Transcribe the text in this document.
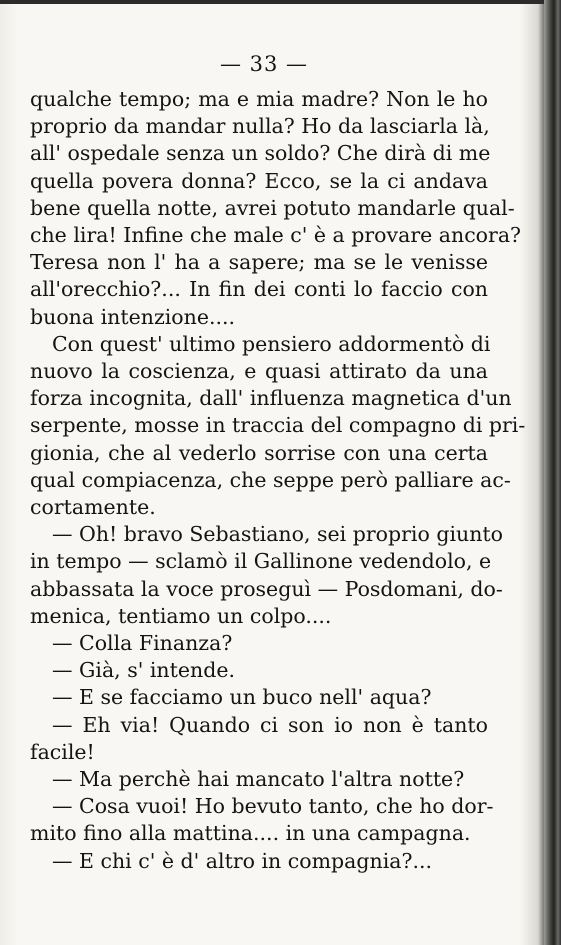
— 33 —

qualche tempo; ma e mia madre? Non le ho
proprio da mandar nulla? Ho da lasciarla là,
all' ospedale senza un soldo? Che dirà di me
quella povera donna? Ecco, se la ci andava
bene quella notte, avrei potuto mandarle qual-
che lira! Infine che male c' è a provare ancora?
Teresa non l' ha a sapere; ma se le venisse
all'orecchio?... In fin dei conti lo faccio con
buona intenzione....

Con quest' ultimo pensiero addormentò di
nuovo la coscienza, e quasi attirato da una
forza incognita, dall' influenza magnetica d'un
serpente, mosse in traccia del compagno di pri-
gionia, che al vederlo sorrise con una certa
qual compiacenza, che seppe però palliare ac-
cortamente.

— Oh! bravo Sebastiano, sei proprio giunto
in tempo — sclamò il Gallinone vedendolo, e
abbassata la voce proseguì — Posdomani, do-
menica, tentiamo un colpo....

— Colla Finanza?

— Già, s' intende.

— E se facciamo un buco nell' aqua?

— Eh via! Quando ci son io non è tanto
facile!

— Ma perchè hai mancato l'altra notte?

— Cosa vuoi! Ho bevuto tanto, che ho dor-
mito fino alla mattina.... in una campagna.

— E chi c' è d' altro in compagnia?...
